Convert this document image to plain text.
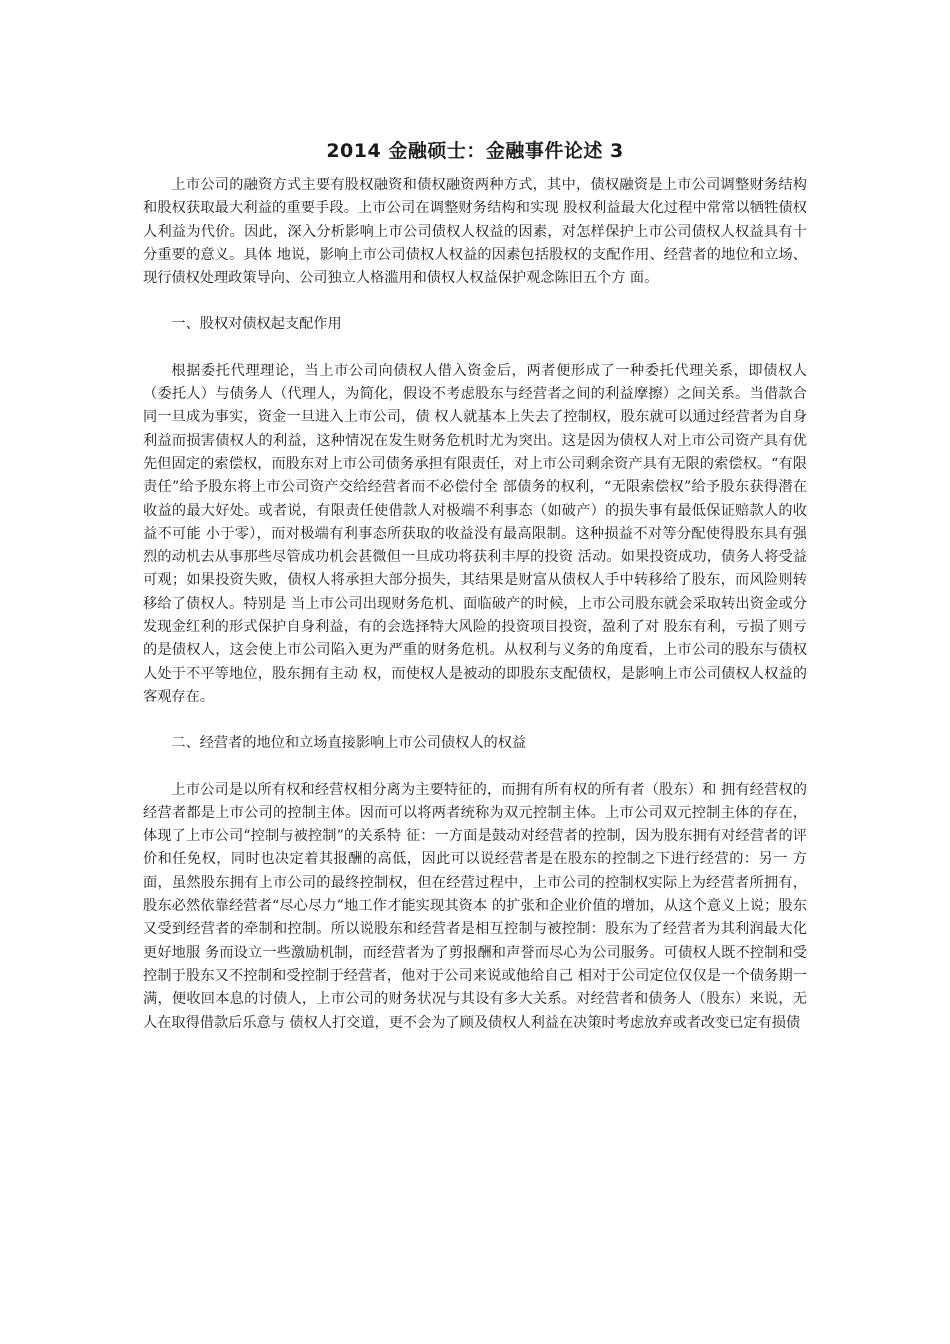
2014 金融硕士：金融事件论述 3

上市公司的融资方式主要有股权融资和债权融资两种方式，其中，债权融资是上市公司调整财务结构和股权获取最大利益的重要手段。上市公司在调整财务结构和实现 股权利益最大化过程中常常以牺牲债权人利益为代价。因此，深入分析影响上市公司债权人权益的因素，对怎样保护上市公司债权人权益具有十分重要的意义。具体 地说，影响上市公司债权人权益的因素包括股权的支配作用、经营者的地位和立场、现行债权处理政策导向、公司独立人格滥用和债权人权益保护观念陈旧五个方 面。

一、股权对债权起支配作用

根据委托代理理论，当上市公司向债权人借入资金后，两者便形成了一种委托代理关系，即债权人（委托人）与债务人（代理人，为简化，假设不考虑股东与经营者之间的利益摩擦）之间关系。当借款合同一旦成为事实，资金一旦进入上市公司，债 权人就基本上失去了控制权，股东就可以通过经营者为自身利益而损害债权人的利益，这种情况在发生财务危机时尤为突出。这是因为债权人对上市公司资产具有优 先但固定的索偿权，而股东对上市公司债务承担有限责任，对上市公司剩余资产具有无限的索偿权。“有限责任”给予股东将上市公司资产交给经营者而不必偿付全 部债务的权利，“无限索偿权”给予股东获得潜在收益的最大好处。或者说，有限责任使借款人对极端不利事态（如破产）的损失事有最低保证赔款人的收益不可能 小于零），而对极端有利事态所获取的收益没有最高限制。这种损益不对等分配使得股东具有强烈的动机去从事那些尽管成功机会甚微但一旦成功将获利丰厚的投资 活动。如果投资成功，债务人将受益可观；如果投资失败，债权人将承担大部分损失，其结果是财富从债权人手中转移给了股东，而风险则转移给了债权人。特别是 当上市公司出现财务危机、面临破产的时候，上市公司股东就会采取转出资金或分发现金红利的形式保护自身利益，有的会选择特大风险的投资项目投资，盈利了对 股东有利，亏损了则亏的是债权人，这会使上市公司陷入更为严重的财务危机。从权利与义务的角度看，上市公司的股东与债权人处于不平等地位，股东拥有主动 权，而使权人是被动的即股东支配债权，是影响上市公司债权人权益的客观存在。

二、经营者的地位和立场直接影响上市公司债权人的权益

上市公司是以所有权和经营权相分离为主要特征的，而拥有所有权的所有者（股东）和 拥有经营权的经营者都是上市公司的控制主体。因而可以将两者统称为双元控制主体。上市公司双元控制主体的存在，体现了上市公司“控制与被控制”的关系特 征：一方面是鼓动对经营者的控制，因为股东拥有对经营者的评价和任免权，同时也决定着其报酬的高低，因此可以说经营者是在股东的控制之下进行经营的：另一 方面，虽然股东拥有上市公司的最终控制权，但在经营过程中，上市公司的控制权实际上为经营者所拥有，股东必然依靠经营者“尽心尽力”地工作才能实现其资本 的扩张和企业价值的增加，从这个意义上说；股东又受到经营者的牵制和控制。所以说股东和经营者是相互控制与被控制：股东为了经营者为其利润最大化更好地服 务而设立一些激励机制，而经营者为了剪报酬和声誉而尽心为公司服务。可债权人既不控制和受控制于股东又不控制和受控制于经营者，他对于公司来说或他给自己 相对于公司定位仅仅是一个债务期一满，便收回本息的讨债人，上市公司的财务状况与其设有多大关系。对经营者和债务人（股东）来说，无人在取得借款后乐意与 债权人打交道，更不会为了顾及债权人利益在决策时考虑放弃或者改变已定有损债
